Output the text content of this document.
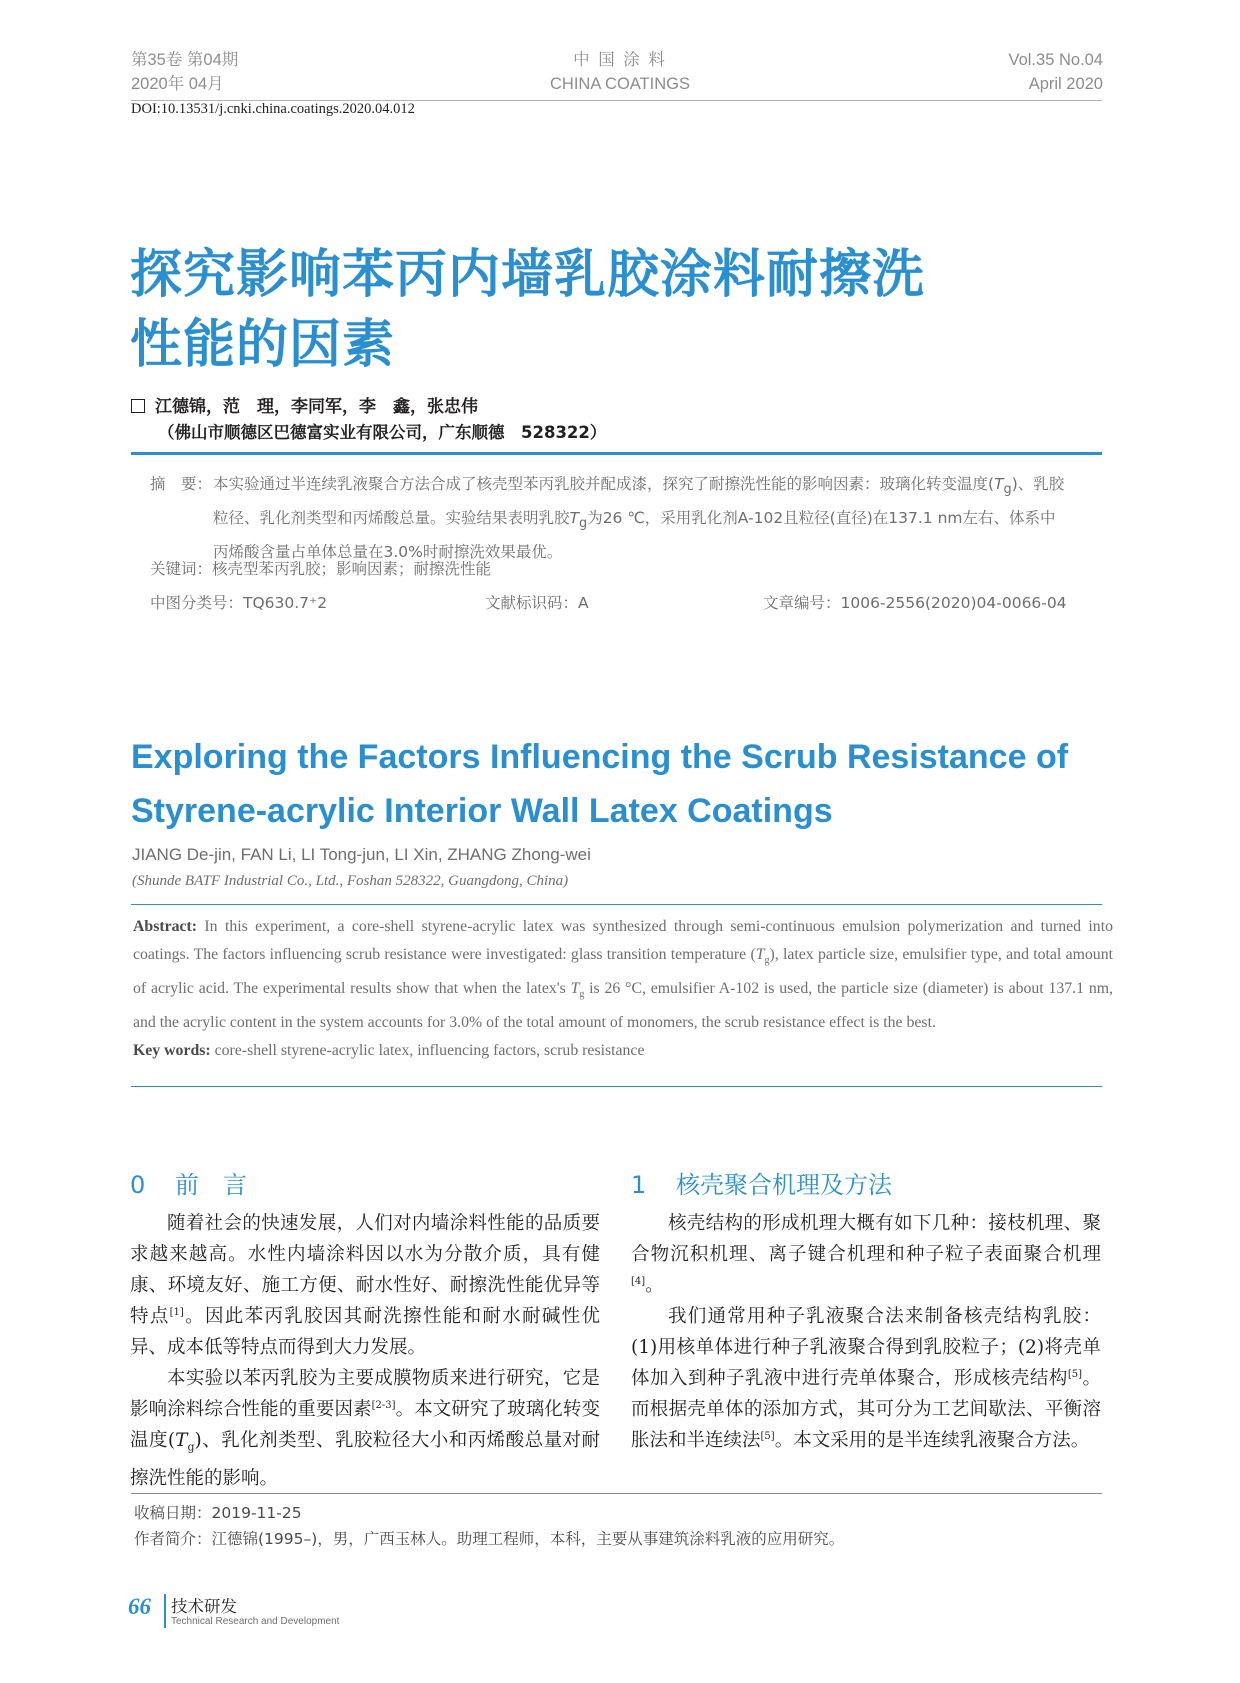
第35卷 第04期
2020年 04月
中 国 涂 料
CHINA COATINGS
Vol.35 No.04
April 2020
DOI:10.13531/j.cnki.china.coatings.2020.04.012
探究影响苯丙内墙乳胶涂料耐擦洗
性能的因素
江德锦，范　理，李同军，李　鑫，张忠伟
（佛山市顺德区巴德富实业有限公司，广东顺德　528322）
摘　要： 本实验通过半连续乳液聚合方法合成了核壳型苯丙乳胶并配成漆，探究了耐擦洗性能的影响因素：玻璃化转变温度$(T_g)$、乳胶粒径、乳化剂类型和丙烯酸总量。实验结果表明乳胶$T_g$为26 ℃，采用乳化剂A-102且粒径(直径)在137.1 nm左右、体系中丙烯酸含量占单体总量在3.0%时耐擦洗效果最优。
关键词：核壳型苯丙乳胶；影响因素；耐擦洗性能
中图分类号：TQ630.7⁺2	文献标识码：A	文章编号：1006-2556(2020)04-0066-04
Exploring the Factors Influencing the Scrub Resistance of
Styrene-acrylic Interior Wall Latex Coatings
JIANG De-jin, FAN Li, LI Tong-jun, LI Xin, ZHANG Zhong-wei
(Shunde BATF Industrial Co., Ltd., Foshan 528322, Guangdong, China)
Abstract: In this experiment, a core-shell styrene-acrylic latex was synthesized through semi-continuous emulsion polymerization and turned into coatings. The factors influencing scrub resistance were investigated: glass transition temperature $(T_g)$, latex particle size, emulsifier type, and total amount of acrylic acid. The experimental results show that when the latex's $T_g$ is 26 °C, emulsifier A-102 is used, the particle size (diameter) is about 137.1 nm, and the acrylic content in the system accounts for 3.0% of the total amount of monomers, the scrub resistance effect is the best.
Key words: core-shell styrene-acrylic latex, influencing factors, scrub resistance
0 前　言

随着社会的快速发展，人们对内墙涂料性能的品质要求越来越高。水性内墙涂料因以水为分散介质，具有健康、环境友好、施工方便、耐水性好、耐擦洗性能优异等特点[1]。因此苯丙乳胶因其耐洗擦性能和耐水耐碱性优异、成本低等特点而得到大力发展。

本实验以苯丙乳胶为主要成膜物质来进行研究，它是影响涂料综合性能的重要因素[2-3]。本文研究了玻璃化转变温度$(T_g)$、乳化剂类型、乳胶粒径大小和丙烯酸总量对耐擦洗性能的影响。

1 核壳聚合机理及方法

核壳结构的形成机理大概有如下几种：接枝机理、聚合物沉积机理、离子键合机理和种子粒子表面聚合机理[4]。

我们通常用种子乳液聚合法来制备核壳结构乳胶：(1)用核单体进行种子乳液聚合得到乳胶粒子；(2)将壳单体加入到种子乳液中进行壳单体聚合，形成核壳结构[5]。而根据壳单体的添加方式，其可分为工艺间歇法、平衡溶胀法和半连续法[5]。本文采用的是半连续乳液聚合方法。

收稿日期：2019-11-25
作者简介：江德锦(1995–)，男，广西玉林人。助理工程师，本科，主要从事建筑涂料乳液的应用研究。
66 技术研发
Technical Research and Development
